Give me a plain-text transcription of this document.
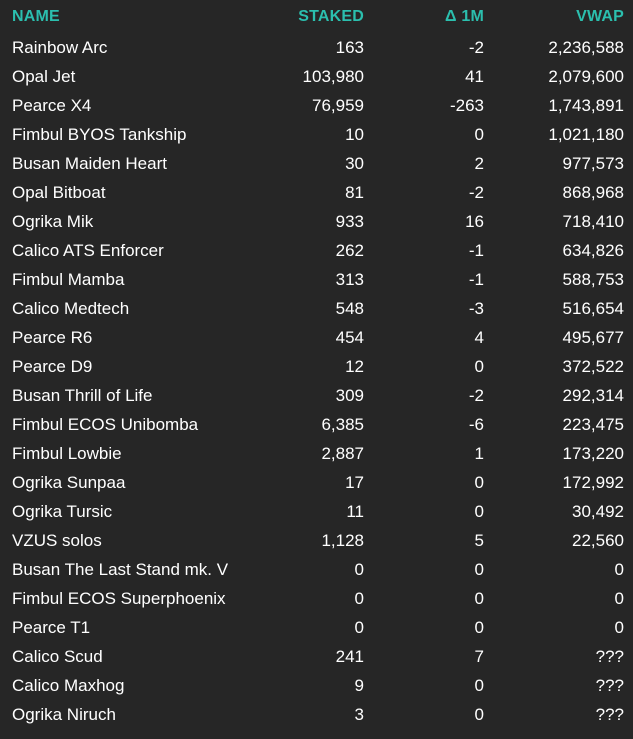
NAME	STAKED	Δ 1M	VWAP
Rainbow Arc	163	-2	2,236,588
Opal Jet	103,980	41	2,079,600
Pearce X4	76,959	-263	1,743,891
Fimbul BYOS Tankship	10	0	1,021,180
Busan Maiden Heart	30	2	977,573
Opal Bitboat	81	-2	868,968
Ogrika Mik	933	16	718,410
Calico ATS Enforcer	262	-1	634,826
Fimbul Mamba	313	-1	588,753
Calico Medtech	548	-3	516,654
Pearce R6	454	4	495,677
Pearce D9	12	0	372,522
Busan Thrill of Life	309	-2	292,314
Fimbul ECOS Unibomba	6,385	-6	223,475
Fimbul Lowbie	2,887	1	173,220
Ogrika Sunpaa	17	0	172,992
Ogrika Tursic	11	0	30,492
VZUS solos	1,128	5	22,560
Busan The Last Stand mk. V	0	0	0
Fimbul ECOS Superphoenix	0	0	0
Pearce T1	0	0	0
Calico Scud	241	7	???
Calico Maxhog	9	0	???
Ogrika Niruch	3	0	???
